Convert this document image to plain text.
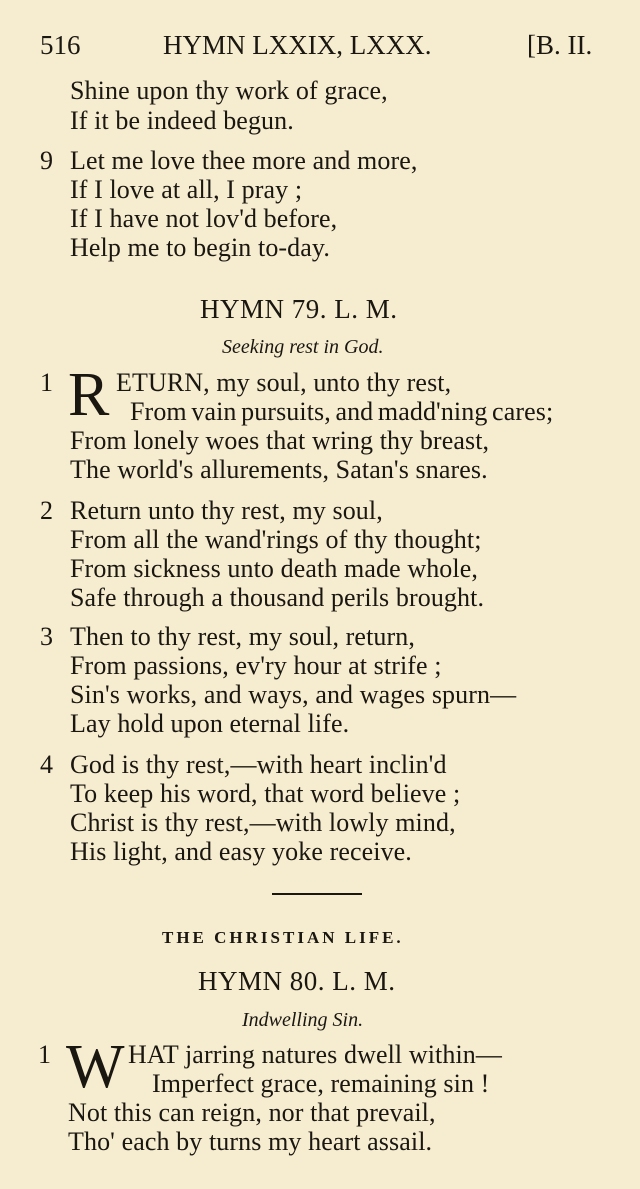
516	HYMN LXXIX, LXXX.	[B. II.
Shine upon thy work of grace,
If it be indeed begun.
9 Let me love thee more and more,
If I love at all, I pray ;
If I have not lov'd before,
Help me to begin to-day.
HYMN 79. L. M.
Seeking rest in God.
1 R ETURN, my soul, unto thy rest,
From vain pursuits, and madd'ning cares;
From lonely woes that wring thy breast,
The world's allurements, Satan's snares.
2 Return unto thy rest, my soul,
From all the wand'rings of thy thought;
From sickness unto death made whole,
Safe through a thousand perils brought.
3 Then to thy rest, my soul, return,
From passions, ev'ry hour at strife ;
Sin's works, and ways, and wages spurn—
Lay hold upon eternal life.
4 God is thy rest,—with heart inclin'd
To keep his word, that word believe ;
Christ is thy rest,—with lowly mind,
His light, and easy yoke receive.
THE CHRISTIAN LIFE.
HYMN 80. L. M.
Indwelling Sin.
1 W HAT jarring natures dwell within—
Imperfect grace, remaining sin !
Not this can reign, nor that prevail,
Tho' each by turns my heart assail.
